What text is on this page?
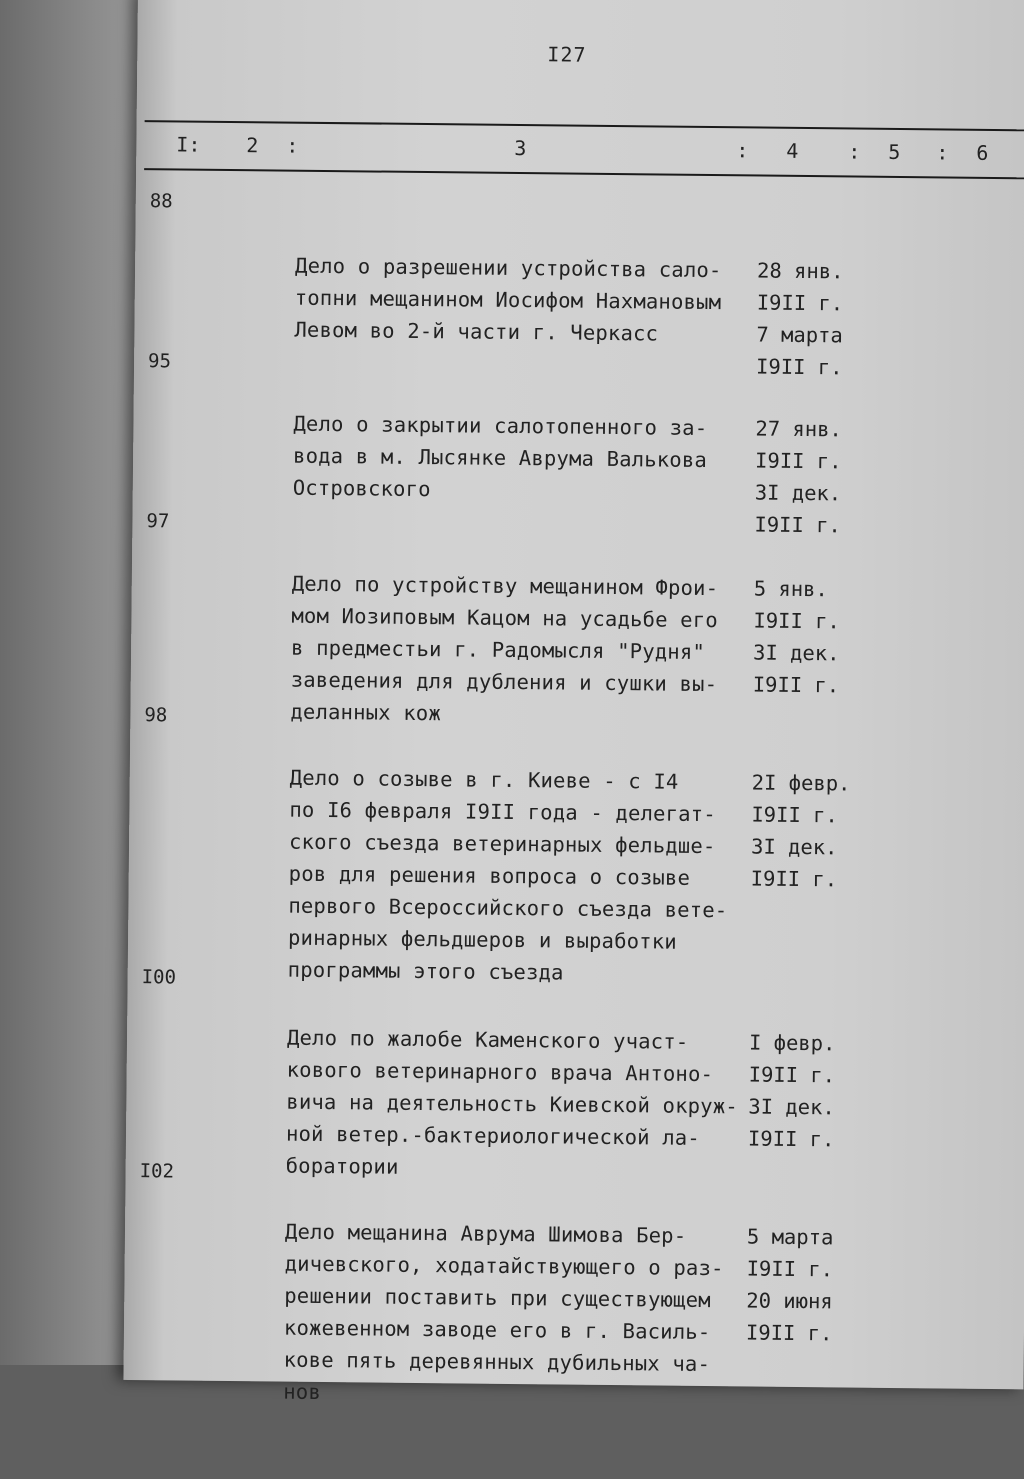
I27
I: 2 :	3	: 4 : 5 : 6
88

Дело о разрешении устройства сало-
топни мещанином Иосифом Нахмановым
Левом во 2-й части г. Черкасс

28 янв.
I9II г.
7 марта
I9II г.

95

Дело о закрытии салотопенного за-
вода в м. Лысянке Аврума Валькова
Островского

27 янв.
I9II г.
3I дек.
I9II г.

97

Дело по устройству мещанином Фрои-
мом Иозиповым Кацом на усадьбе его
в предместьи г. Радомысля "Рудня"
заведения для дубления и сушки вы-
деланных кож

5 янв.
I9II г.
3I дек.
I9II г.

98

Дело о созыве в г. Киеве - с I4
по I6 февраля I9II года - делегат-
ского съезда ветеринарных фельдше-
ров для решения вопроса о созыве
первого Всероссийского съезда вете-
ринарных фельдшеров и выработки
программы этого съезда

2I февр.
I9II г.
3I дек.
I9II г.

I00

Дело по жалобе Каменского участ-
кового ветеринарного врача Антоно-
вича на деятельность Киевской окруж-
ной ветер.-бактериологической ла-
боратории

I февр.
I9II г.
3I дек.
I9II г.

I02

Дело мещанина Аврума Шимова Бер-
дичевского, ходатайствующего о раз-
решении поставить при существующем
кожевенном заводе его в г. Василь-
кове пять деревянных дубильных ча-
нов

5 марта
I9II г.
20 июня
I9II г.
